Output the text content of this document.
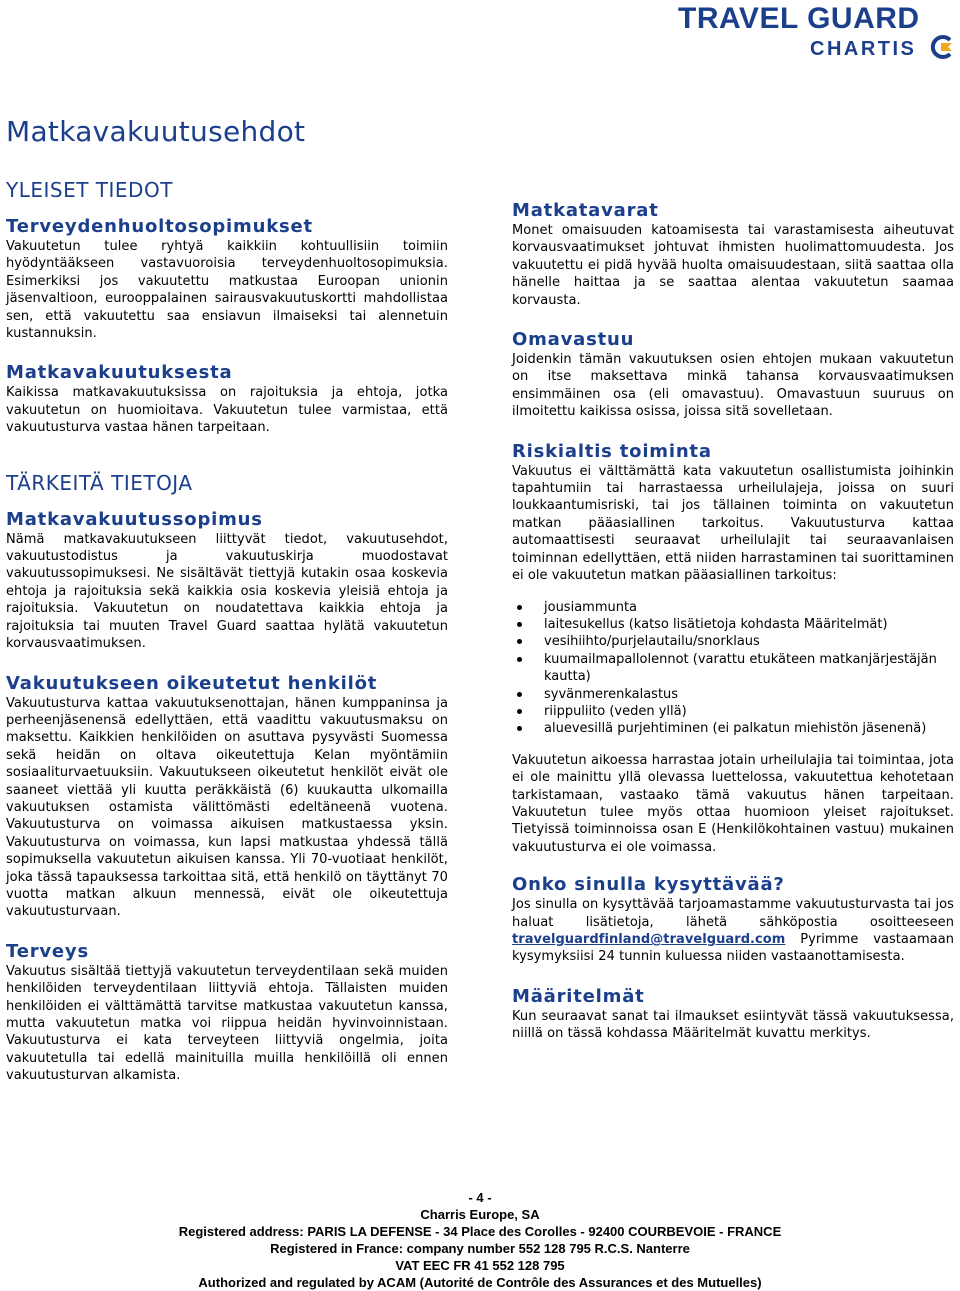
TRAVEL GUARD
CHARTIS
Matkavakuutusehdot
YLEISET TIEDOT
Terveydenhuoltosopimukset

Vakuutetun tulee ryhtyä kaikkiin kohtuullisiin toimiin hyödyntääkseen vastavuoroisia terveydenhuoltosopimuksia. Esimerkiksi jos vakuutettu matkustaa Euroopan unionin jäsenvaltioon, eurooppalainen sairausvakuutuskortti mahdollistaa sen, että vakuutettu saa ensiavun ilmaiseksi tai alennetuin kustannuksin.

Matkavakuutuksesta

Kaikissa matkavakuutuksissa on rajoituksia ja ehtoja, jotka vakuutetun on huomioitava. Vakuutetun tulee varmistaa, että vakuutusturva vastaa hänen tarpeitaan.

TÄRKEITÄ TIETOJA
Matkavakuutussopimus

Nämä matkavakuutukseen liittyvät tiedot, vakuutusehdot, vakuutustodistus ja vakuutuskirja muodostavat vakuutussopimuksesi. Ne sisältävät tiettyjä kutakin osaa koskevia ehtoja ja rajoituksia sekä kaikkia osia koskevia yleisiä ehtoja ja rajoituksia. Vakuutetun on noudatettava kaikkia ehtoja ja rajoituksia tai muuten Travel Guard saattaa hylätä vakuutetun korvausvaatimuksen.

Vakuutukseen oikeutetut henkilöt

Vakuutusturva kattaa vakuutuksenottajan, hänen kumppaninsa ja perheenjäsenensä edellyttäen, että vaadittu vakuutusmaksu on maksettu. Kaikkien henkilöiden on asuttava pysyvästi Suomessa sekä heidän on oltava oikeutettuja Kelan myöntämiin sosiaaliturvaetuuksiin. Vakuutukseen oikeutetut henkilöt eivät ole saaneet viettää yli kuutta peräkkäistä (6) kuukautta ulkomailla vakuutuksen ostamista välittömästi edeltäneenä vuotena. Vakuutusturva on voimassa aikuisen matkustaessa yksin. Vakuutusturva on voimassa, kun lapsi matkustaa yhdessä tällä sopimuksella vakuutetun aikuisen kanssa. Yli 70-vuotiaat henkilöt, joka tässä tapauksessa tarkoittaa sitä, että henkilö on täyttänyt 70 vuotta matkan alkuun mennessä, eivät ole oikeutettuja vakuutusturvaan.

Terveys

Vakuutus sisältää tiettyjä vakuutetun terveydentilaan sekä muiden henkilöiden terveydentilaan liittyviä ehtoja. Tällaisten muiden henkilöiden ei välttämättä tarvitse matkustaa vakuutetun kanssa, mutta vakuutetun matka voi riippua heidän hyvinvoinnistaan. Vakuutusturva ei kata terveyteen liittyviä ongelmia, joita vakuutetulla tai edellä mainituilla muilla henkilöillä oli ennen vakuutusturvan alkamista.

Matkatavarat

Monet omaisuuden katoamisesta tai varastamisesta aiheutuvat korvausvaatimukset johtuvat ihmisten huolimattomuudesta. Jos vakuutettu ei pidä hyvää huolta omaisuudestaan, siitä saattaa olla hänelle haittaa ja se saattaa alentaa vakuutetun saamaa korvausta.

Omavastuu

Joidenkin tämän vakuutuksen osien ehtojen mukaan vakuutetun on itse maksettava minkä tahansa korvausvaatimuksen ensimmäinen osa (eli omavastuu). Omavastuun suuruus on ilmoitettu kaikissa osissa, joissa sitä sovelletaan.

Riskialtis toiminta

Vakuutus ei välttämättä kata vakuutetun osallistumista joihinkin tapahtumiin tai harrastaessa urheilulajeja, joissa on suuri loukkaantumisriski, tai jos tällainen toiminta on vakuutetun matkan pääasiallinen tarkoitus. Vakuutusturva kattaa automaattisesti seuraavat urheilulajit tai seuraavanlaisen toiminnan edellyttäen, että niiden harrastaminen tai suorittaminen ei ole vakuutetun matkan pääasiallinen tarkoitus:

jousiammunta
laitesukellus (katso lisätietoja kohdasta Määritelmät)
vesihiihto/purjelautailu/snorklaus
kuumailmapallolennot (varattu etukäteen matkanjärjestäjän kautta)
syvänmerenkalastus
riippuliito (veden yllä)
aluevesillä purjehtiminen (ei palkatun miehistön jäsenenä)

Vakuutetun aikoessa harrastaa jotain urheilulajia tai toimintaa, jota ei ole mainittu yllä olevassa luettelossa, vakuutettua kehotetaan tarkistamaan, vastaako tämä vakuutus hänen tarpeitaan. Vakuutetun tulee myös ottaa huomioon yleiset rajoitukset. Tietyissä toiminnoissa osan E (Henkilökohtainen vastuu) mukainen vakuutusturva ei ole voimassa.

Onko sinulla kysyttävää?

Jos sinulla on kysyttävää tarjoamastamme vakuutusturvasta tai jos haluat lisätietoja, lähetä sähköpostia osoitteeseen travelguardfinland@travelguard.com Pyrimme vastaamaan kysymyksiisi 24 tunnin kuluessa niiden vastaanottamisesta.

Määritelmät

Kun seuraavat sanat tai ilmaukset esiintyvät tässä vakuutuksessa, niillä on tässä kohdassa Määritelmät kuvattu merkitys.

- 4 -
Charris Europe, SA
Registered address: PARIS LA DEFENSE - 34 Place des Corolles - 92400 COURBEVOIE - FRANCE
Registered in France: company number 552 128 795 R.C.S. Nanterre
VAT EEC FR 41 552 128 795
Authorized and regulated by ACAM (Autorité de Contrôle des Assurances et des Mutuelles)
